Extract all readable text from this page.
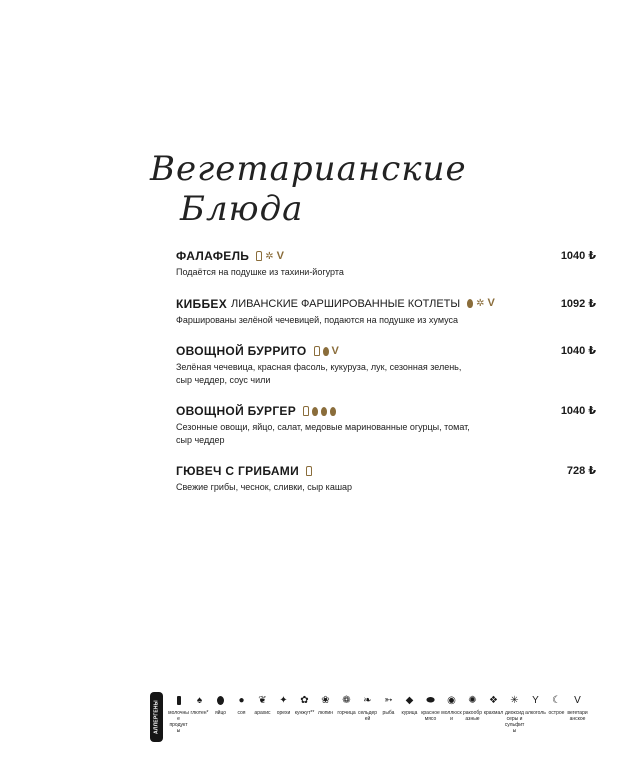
Вегетарианские
Блюда
ФАЛАФЕЛЬ ✲ V	1040 ₺
Подаётся на подушке из тахини-йогурта
КИББЕХ ЛИВАНСКИЕ ФАРШИРОВАННЫЕ КОТЛЕТЫ ✲ V	1092 ₺
Фаршированы зелёной чечевицей, подаются на подушке из хумуса
ОВОЩНОЙ БУРРИТО V	1040 ₺
Зелёная чечевица, красная фасоль, кукуруза, лук, сезонная зелень, сыр чеддер, соус чили
ОВОЩНОЙ БУРГЕР	1040 ₺
Сезонные овощи, яйцо, салат, медовые маринованные огурцы, томат, сыр чеддер
ГЮВЕЧ С ГРИБАМИ	728 ₺
Свежие грибы, чеснок, сливки, сыр кашар
АЛЛЕРГЕНЫ	молочные продукты
♠
глютен*	яйцо
●
соя
❦
арахис
✦
орехи
✿
кунжут**
❀
люпин
❁
горчица
❧
сельдерей
➳
рыба
◆
курица
⬬
красное мясо
◉
моллюски
✺
ракообразные
❖
крахмал
✳
диоксид серы и сульфиты
Y
алкоголь
☾
острое
V
вегетарианское
